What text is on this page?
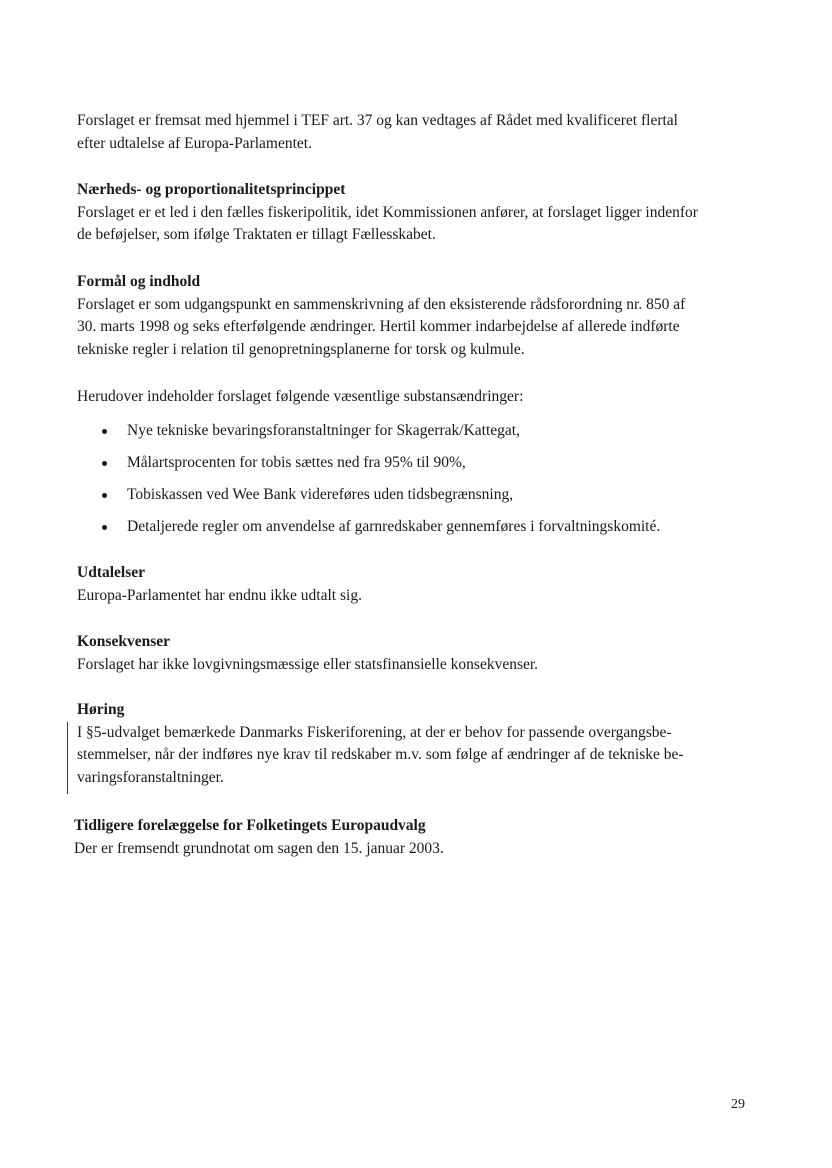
Forslaget er fremsat med hjemmel i TEF art. 37 og kan vedtages af Rådet med kvalificeret flertal

efter udtalelse af Europa-Parlamentet.

Nærheds- og proportionalitetsprincippet

Forslaget er et led i den fælles fiskeripolitik, idet Kommissionen anfører, at forslaget ligger indenfor

de beføjelser, som ifølge Traktaten er tillagt Fællesskabet.

Formål og indhold

Forslaget er som udgangspunkt en sammenskrivning af den eksisterende rådsforordning nr. 850 af

30. marts 1998 og seks efterfølgende ændringer. Hertil kommer indarbejdelse af allerede indførte

tekniske regler i relation til genopretningsplanerne for torsk og kulmule.

Herudover indeholder forslaget følgende væsentlige substansændringer:

Nye tekniske bevaringsforanstaltninger for Skagerrak/Kattegat,
Målartsprocenten for tobis sættes ned fra 95% til 90%,
Tobiskassen ved Wee Bank videreføres uden tidsbegrænsning,
Detaljerede regler om anvendelse af garnredskaber gennemføres i forvaltningskomité.

Udtalelser

Europa-Parlamentet har endnu ikke udtalt sig.

Konsekvenser

Forslaget har ikke lovgivningsmæssige eller statsfinansielle konsekvenser.

Høring

I §5-udvalget bemærkede Danmarks Fiskeriforening, at der er behov for passende overgangsbe-

stemmelser, når der indføres nye krav til redskaber m.v. som følge af ændringer af de tekniske be-

varingsforanstaltninger.

Tidligere forelæggelse for Folketingets Europaudvalg

Der er fremsendt grundnotat om sagen den 15. januar 2003.

29
